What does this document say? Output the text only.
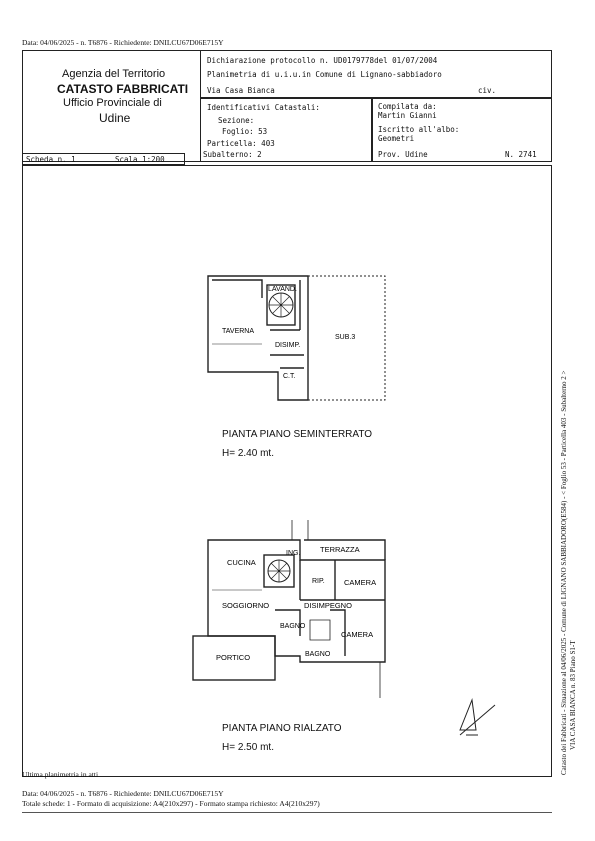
Data: 04/06/2025 - n. T6876 - Richiedente: DNILCU67D06E715Y
Agenzia del Territorio
CATASTO FABBRICATI
Ufficio Provinciale di
Udine
Dichiarazione protocollo n. UD0179778del 01/07/2004
Planimetria di u.i.u.in Comune di Lignano-sabbiadoro
Via Casa Bianca	civ.
Identificativi Catastali:
Sezione:
Foglio: 53
Particella: 403
Subalterno: 2
Compilata da:
Martin Gianni
Iscritto all'albo:
Geometri
Prov. Udine	N. 2741
Scheda n. 1	Scala 1:200
LAVAND.
TAVERNA
DISIMP.
C.T.
SUB.3
ING.	TERRAZZA
CUCINA
RIP.	CAMERA
SOGGIORNO	DISIMPEGNO
BAGNO
CAMERA
PORTICO	BAGNO
PIANTA PIANO SEMINTERRATO
H= 2.40 mt.
PIANTA PIANO RIALZATO
H= 2.50 mt.	Catasto dei Fabbricati - Situazione al 04/06/2025 - Comune di LIGNANO SABBIADORO(E584) - < Foglio 53 - Particella 403 - Subalterno 2 > VIA CASA BIANCA n. 83 Piano S1-T
Ultima planimetria in atti
Data: 04/06/2025 - n. T6876 - Richiedente: DNILCU67D06E715Y
Totale schede: 1 - Formato di acquisizione: A4(210x297) - Formato stampa richiesto: A4(210x297)
